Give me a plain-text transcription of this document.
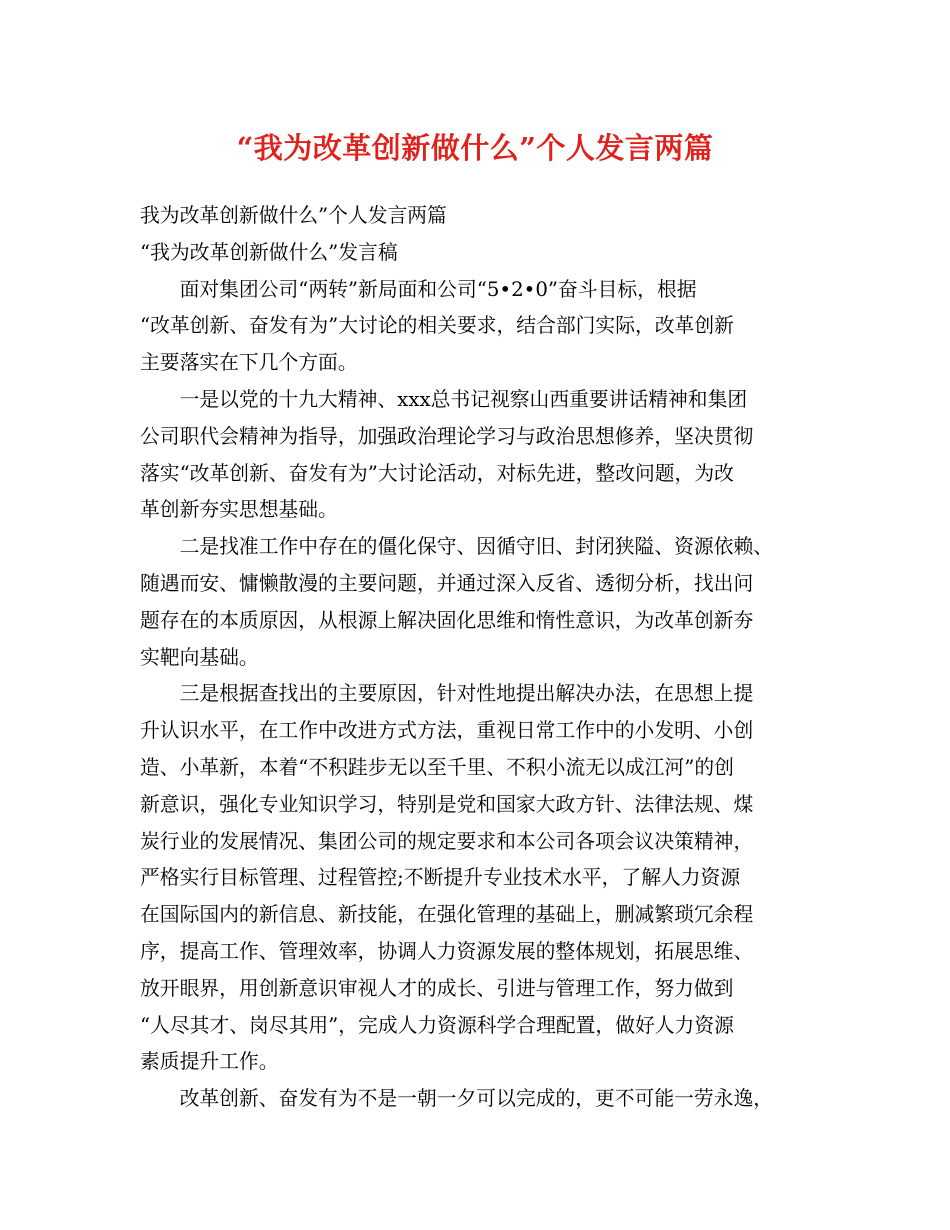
“我为改革创新做什么”个人发言两篇
我为改革创新做什么”个人发言两篇
“我为改革创新做什么”发言稿
　　面对集团公司“两转”新局面和公司“5•2•0”奋斗目标，根据
“改革创新、奋发有为”大讨论的相关要求，结合部门实际，改革创新
主要落实在下几个方面。
　　一是以党的十九大精神、xxx总书记视察山西重要讲话精神和集团
公司职代会精神为指导，加强政治理论学习与政治思想修养，坚决贯彻
落实“改革创新、奋发有为”大讨论活动，对标先进，整改问题，为改
革创新夯实思想基础。
　　二是找准工作中存在的僵化保守、因循守旧、封闭狭隘、资源依赖、
随遇而安、慵懒散漫的主要问题，并通过深入反省、透彻分析，找出问
题存在的本质原因，从根源上解决固化思维和惰性意识，为改革创新夯
实靶向基础。
　　三是根据查找出的主要原因，针对性地提出解决办法，在思想上提
升认识水平，在工作中改进方式方法，重视日常工作中的小发明、小创
造、小革新，本着“不积跬步无以至千里、不积小流无以成江河”的创
新意识，强化专业知识学习，特别是党和国家大政方针、法律法规、煤
炭行业的发展情况、集团公司的规定要求和本公司各项会议决策精神，
严格实行目标管理、过程管控;不断提升专业技术水平，了解人力资源
在国际国内的新信息、新技能，在强化管理的基础上，删减繁琐冗余程
序，提高工作、管理效率，协调人力资源发展的整体规划，拓展思维、
放开眼界，用创新意识审视人才的成长、引进与管理工作，努力做到
“人尽其才、岗尽其用”，完成人力资源科学合理配置，做好人力资源
素质提升工作。
　　改革创新、奋发有为不是一朝一夕可以完成的，更不可能一劳永逸，
